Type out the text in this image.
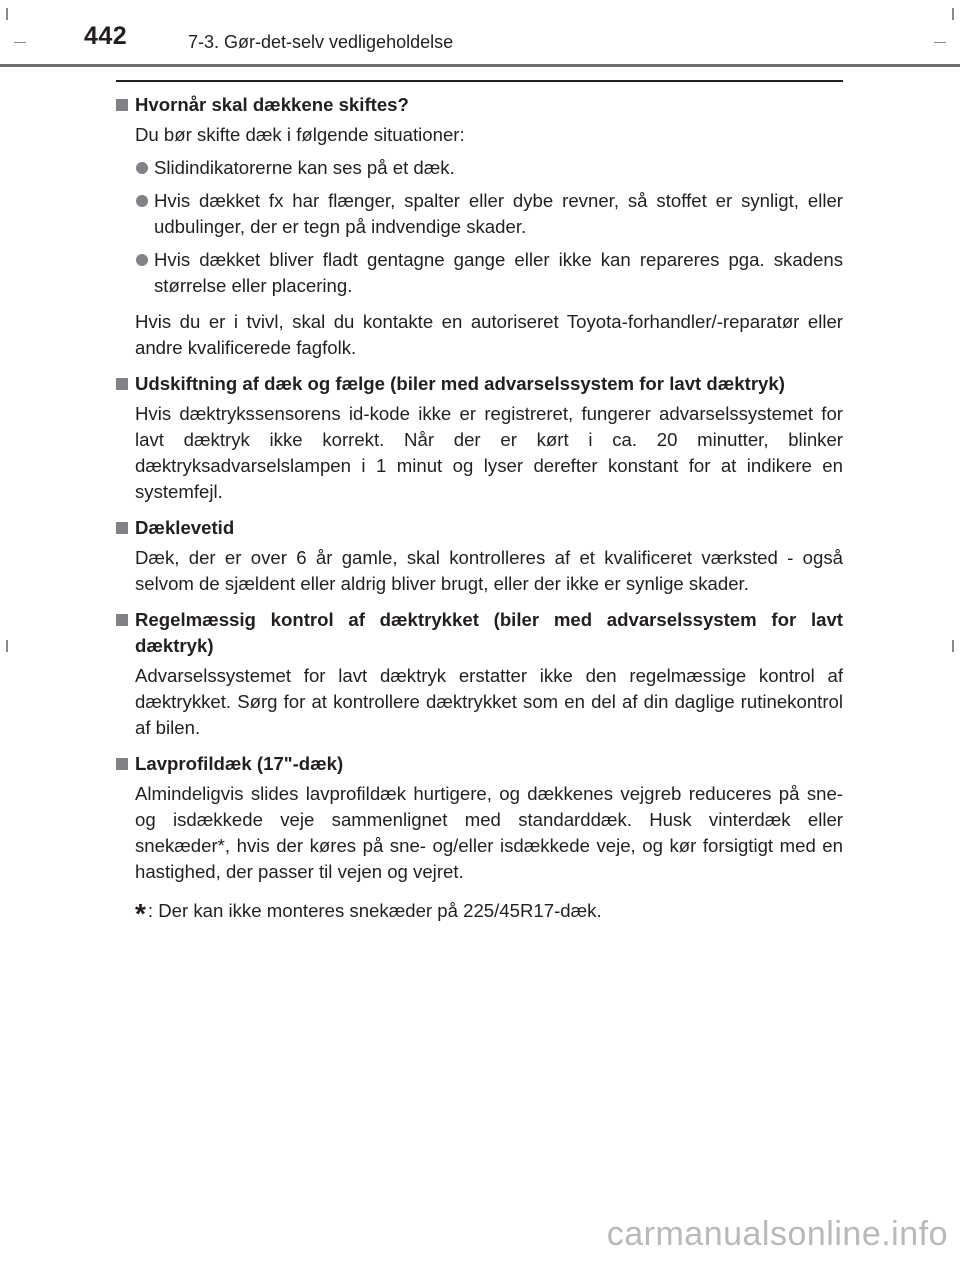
442	7-3. Gør-det-selv vedligeholdelse
Hvornår skal dækkene skiftes?
Du bør skifte dæk i følgende situationer:
Slidindikatorerne kan ses på et dæk.
Hvis dækket fx har flænger, spalter eller dybe revner, så stoffet er synligt, eller udbulinger, der er tegn på indvendige skader.
Hvis dækket bliver fladt gentagne gange eller ikke kan repareres pga. skadens størrelse eller placering.
Hvis du er i tvivl, skal du kontakte en autoriseret Toyota-forhandler/-reparatør eller andre kvalificerede fagfolk.
Udskiftning af dæk og fælge (biler med advarselssystem for lavt dæktryk)
Hvis dæktrykssensorens id-kode ikke er registreret, fungerer advarselssystemet for lavt dæktryk ikke korrekt. Når der er kørt i ca. 20 minutter, blinker dæktryksadvarselslampen i 1 minut og lyser derefter konstant for at indikere en systemfejl.
Dæklevetid
Dæk, der er over 6 år gamle, skal kontrolleres af et kvalificeret værksted - også selvom de sjældent eller aldrig bliver brugt, eller der ikke er synlige skader.
Regelmæssig kontrol af dæktrykket (biler med advarselssystem for lavt dæktryk)
Advarselssystemet for lavt dæktryk erstatter ikke den regelmæssige kontrol af dæktrykket. Sørg for at kontrollere dæktrykket som en del af din daglige rutinekontrol af bilen.
Lavprofildæk (17"-dæk)
Almindeligvis slides lavprofildæk hurtigere, og dækkenes vejgreb reduceres på sne- og isdækkede veje sammenlignet med standarddæk. Husk vinterdæk eller snekæder*, hvis der køres på sne- og/eller isdækkede veje, og kør forsigtigt med en hastighed, der passer til vejen og vejret.
* : Der kan ikke monteres snekæder på 225/45R17-dæk.
carmanualsonline.info
